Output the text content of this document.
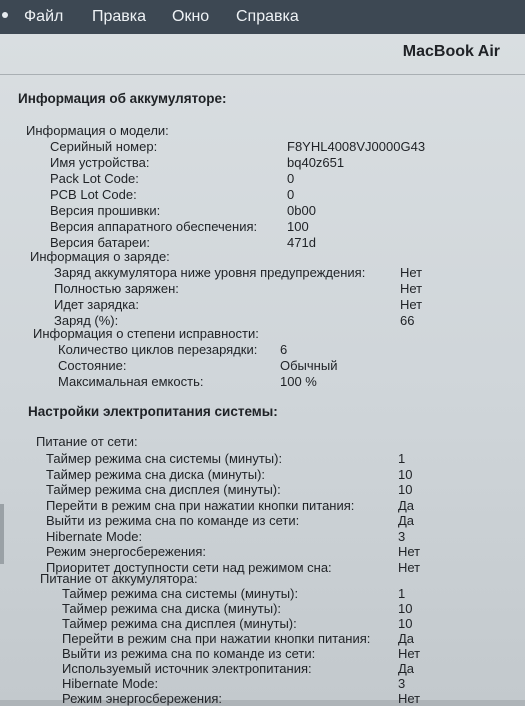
Файл Правка Окно Справка
MacBook Air
Информация об аккумуляторе:
Информация о модели:
Серийный номер:	F8YHL4008VJ0000G43
Имя устройства:	bq40z651
Pack Lot Code:	0
PCB Lot Code:	0
Версия прошивки:	0b00
Версия аппаратного обеспечения: 100
Версия батареи:	471d
Информация о заряде:
Заряд аккумулятора ниже уровня предупреждения:	Нет
Полностью заряжен:	Нет
Идет зарядка:	Нет
Заряд (%):	66
Информация о степени исправности:
Количество циклов перезарядки: 6
Состояние:	Обычный
Максимальная емкость:	100 %
Настройки электропитания системы:
Питание от сети:
Таймер режима сна системы (минуты):	1
Таймер режима сна диска (минуты):	10
Таймер режима сна дисплея (минуты):	10
Перейти в режим сна при нажатии кнопки питания:	Да
Выйти из режима сна по команде из сети:	Да
Hibernate Mode:	3
Режим энергосбережения:	Нет
Приоритет доступности сети над режимом сна:	Нет
Питание от аккумулятора:
Таймер режима сна системы (минуты):	1
Таймер режима сна диска (минуты):	10
Таймер режима сна дисплея (минуты):	10
Перейти в режим сна при нажатии кнопки питания: Да
Выйти из режима сна по команде из сети:	Нет
Используемый источник электропитания:	Да
Hibernate Mode:	3
Режим энергосбережения:	Нет
